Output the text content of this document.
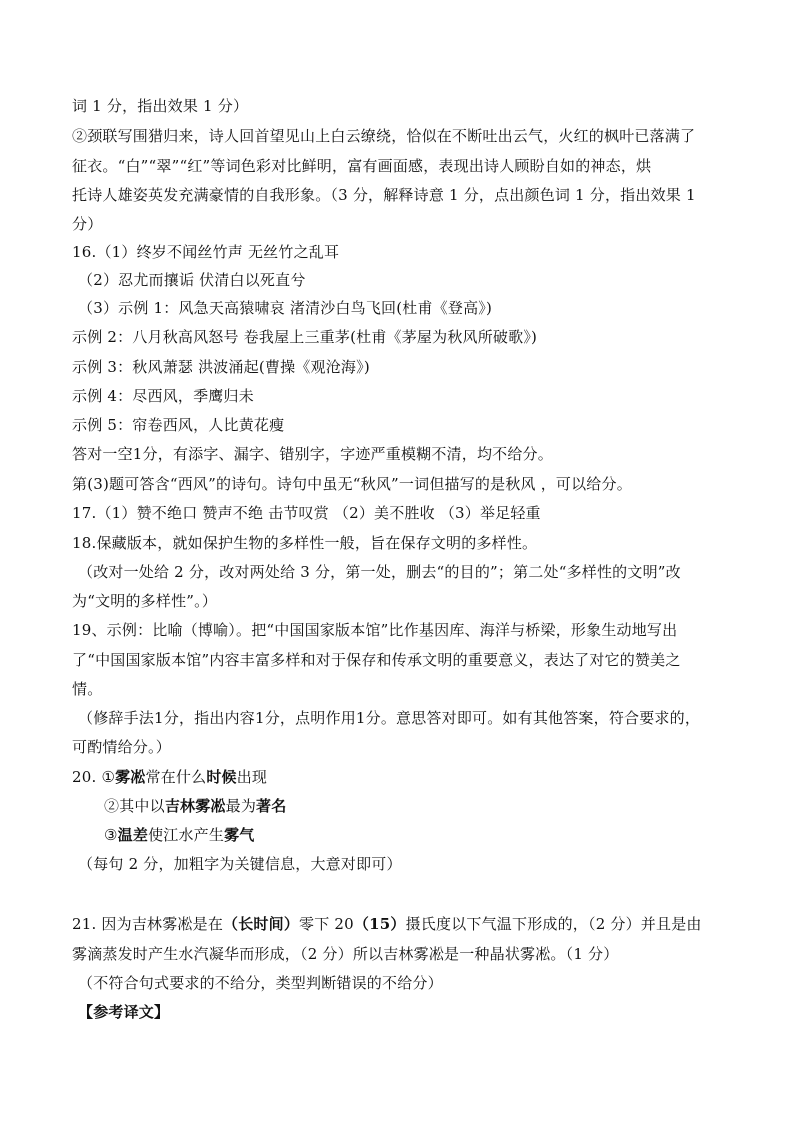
词 1 分，指出效果 1 分）
②颈联写围猎归来，诗人回首望见山上白云缭绕，恰似在不断吐出云气，火红的枫叶已落满了
征衣。“白”“翠”“红”等词色彩对比鲜明，富有画面感，表现出诗人顾盼自如的神态，烘
托诗人雄姿英发充满豪情的自我形象。（3 分，解释诗意 1 分，点出颜色词 1 分，指出效果 1
分）
16.（1）终岁不闻丝竹声 无丝竹之乱耳
（2）忍尤而攘诟 伏清白以死直兮
（3）示例 1：风急天高猿啸哀 渚清沙白鸟飞回(杜甫《登高》)
示例 2：八月秋高风怒号 卷我屋上三重茅(杜甫《茅屋为秋风所破歌》)
示例 3：秋风萧瑟 洪波涌起(曹操《观沧海》)
示例 4：尽西风，季鹰归未
示例 5：帘卷西风，人比黄花瘦
答对一空1分，有添字、漏字、错别字，字迹严重模糊不清，均不给分。
第(3)题可答含“西风”的诗句。诗句中虽无“秋风”一词但描写的是秋风 ，可以给分。
17.（1）赞不绝口 赞声不绝 击节叹赏 （2）美不胜收 （3）举足轻重
18.保藏版本，就如保护生物的多样性一般，旨在保存文明的多样性。
（改对一处给 2 分，改对两处给 3 分，第一处，删去“的目的”；第二处“多样性的文明”改
为“文明的多样性”。）
19、示例：比喻（博喻）。把“中国国家版本馆”比作基因库、海洋与桥梁，形象生动地写出
了“中国国家版本馆”内容丰富多样和对于保存和传承文明的重要意义，表达了对它的赞美之
情。
（修辞手法1分，指出内容1分，点明作用1分。意思答对即可。如有其他答案，符合要求的，
可酌情给分。）
20. ①雾凇常在什么时候出现
②其中以吉林雾凇最为著名
③温差使江水产生雾气
（每句 2 分，加粗字为关键信息，大意对即可）
21. 因为吉林雾凇是在（长时间）零下 20（15）摄氏度以下气温下形成的，（2 分）并且是由
雾滴蒸发时产生水汽凝华而形成，（2 分）所以吉林雾凇是一种晶状雾凇。（1 分）
（不符合句式要求的不给分，类型判断错误的不给分）
【参考译文】
